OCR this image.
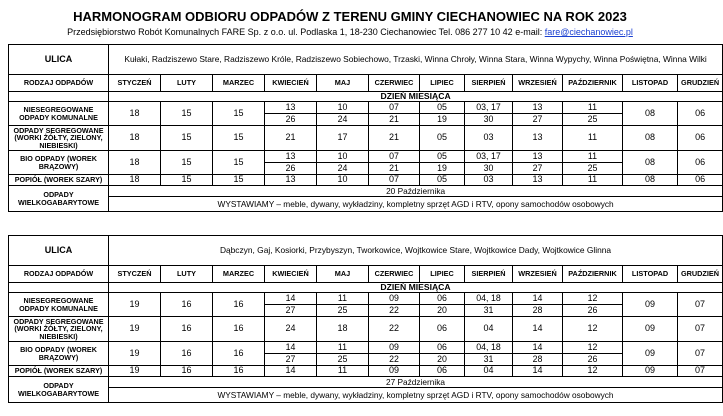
HARMONOGRAM ODBIORU ODPADÓW Z TERENU GMINY CIECHANOWIEC NA ROK 2023
Przedsiębiorstwo Robót Komunalnych FARE Sp. z o.o. ul. Podlaska 1, 18-230 Ciechanowiec Tel. 086 277 10 42 e-mail: fare@ciechanowiec.pl
ULICA	Kułaki, Radziszewo Stare, Radziszewo Króle, Radziszewo Sobiechowo, Trzaski, Winna Chroły, Winna Stara, Winna Wypychy, Winna Poświętna, Winna Wilki											
RODZAJ ODPADÓW	STYCZEŃ	LUTY	MARZEC	KWIECIEŃ	MAJ	CZERWIEC	LIPIEC	SIERPIEŃ	WRZESIEŃ	PAŹDZIERNIK	LISTOPAD	GRUDZIEŃ
	DZIEŃ MIESIĄCA											
NIESEGREGOWANE ODPADY KOMUNALNE	18	15	15	13	10	07	05	03, 17	13	11	08	06
				26	24	21	19	30	27	25		
ODPADY SEGREGOWANE (WORKI ŻÓŁTY, ZIELONY, NIEBIESKI)	18	15	15	21	17	21	05	03	13	11	08	06
BIO ODPADY (WOREK BRĄZOWY)	18	15	15	13	10	07	05	03, 17	13	11	08	06
				26	24	21	19	30	27	25		
POPIÓŁ (WOREK SZARY)	18	15	15	13	10	07	05	03	13	11	08	06
ODPADY WIELKOGABARYTOWE	20 Października											
	WYSTAWIAMY – meble, dywany, wykładziny, kompletny sprzęt AGD i RTV, opony samochodów osobowych											
ULICA	Dąbczyn, Gaj, Kosiorki, Przybyszyn, Tworkowice, Wojtkowice Stare, Wojtkowice Dady, Wojtkowice Glinna											
RODZAJ ODPADÓW	STYCZEŃ	LUTY	MARZEC	KWIECIEŃ	MAJ	CZERWIEC	LIPIEC	SIERPIEŃ	WRZESIEŃ	PAŹDZIERNIK	LISTOPAD	GRUDZIEŃ
	DZIEŃ MIESIĄCA											
NIESEGREGOWANE ODPADY KOMUNALNE	19	16	16	14	11	09	06	04, 18	14	12	09	07
				27	25	22	20	31	28	26		
ODPADY SEGREGOWANE (WORKI ŻÓŁTY, ZIELONY, NIEBIESKI)	19	16	16	24	18	22	06	04	14	12	09	07
BIO ODPADY (WOREK BRĄZOWY)	19	16	16	14	11	09	06	04, 18	14	12	09	07
				27	25	22	20	31	28	26		
POPIÓŁ (WOREK SZARY)	19	16	16	14	11	09	06	04	14	12	09	07
ODPADY WIELKOGABARYTOWE	27 Października											
	WYSTAWIAMY – meble, dywany, wykładziny, kompletny sprzęt AGD i RTV, opony samochodów osobowych											
